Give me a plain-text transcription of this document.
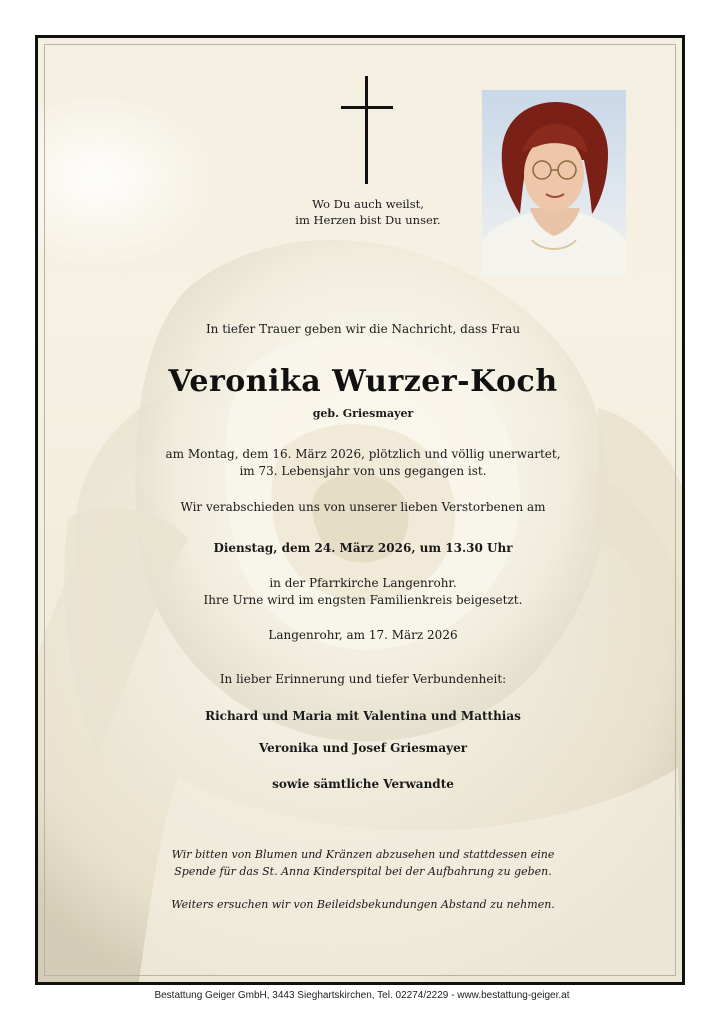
Wo Du auch weilst,
im Herzen bist Du unser.
In tiefer Trauer geben wir die Nachricht, dass Frau
Veronika Wurzer-Koch
geb. Griesmayer
am Montag, dem 16. März 2026, plötzlich und völlig unerwartet,
im 73. Lebensjahr von uns gegangen ist.
Wir verabschieden uns von unserer lieben Verstorbenen am
Dienstag, dem 24. März 2026, um 13.30 Uhr
in der Pfarrkirche Langenrohr.
Ihre Urne wird im engsten Familienkreis beigesetzt.
Langenrohr, am 17. März 2026
In lieber Erinnerung und tiefer Verbundenheit:
Richard und Maria mit Valentina und Matthias
Veronika und Josef Griesmayer
sowie sämtliche Verwandte
Wir bitten von Blumen und Kränzen abzusehen und stattdessen eine
Spende für das St. Anna Kinderspital bei der Aufbahrung zu geben.
Weiters ersuchen wir von Beileidsbekundungen Abstand zu nehmen.
Bestattung Geiger GmbH, 3443 Sieghartskirchen, Tel. 02274/2229 - www.bestattung-geiger.at
